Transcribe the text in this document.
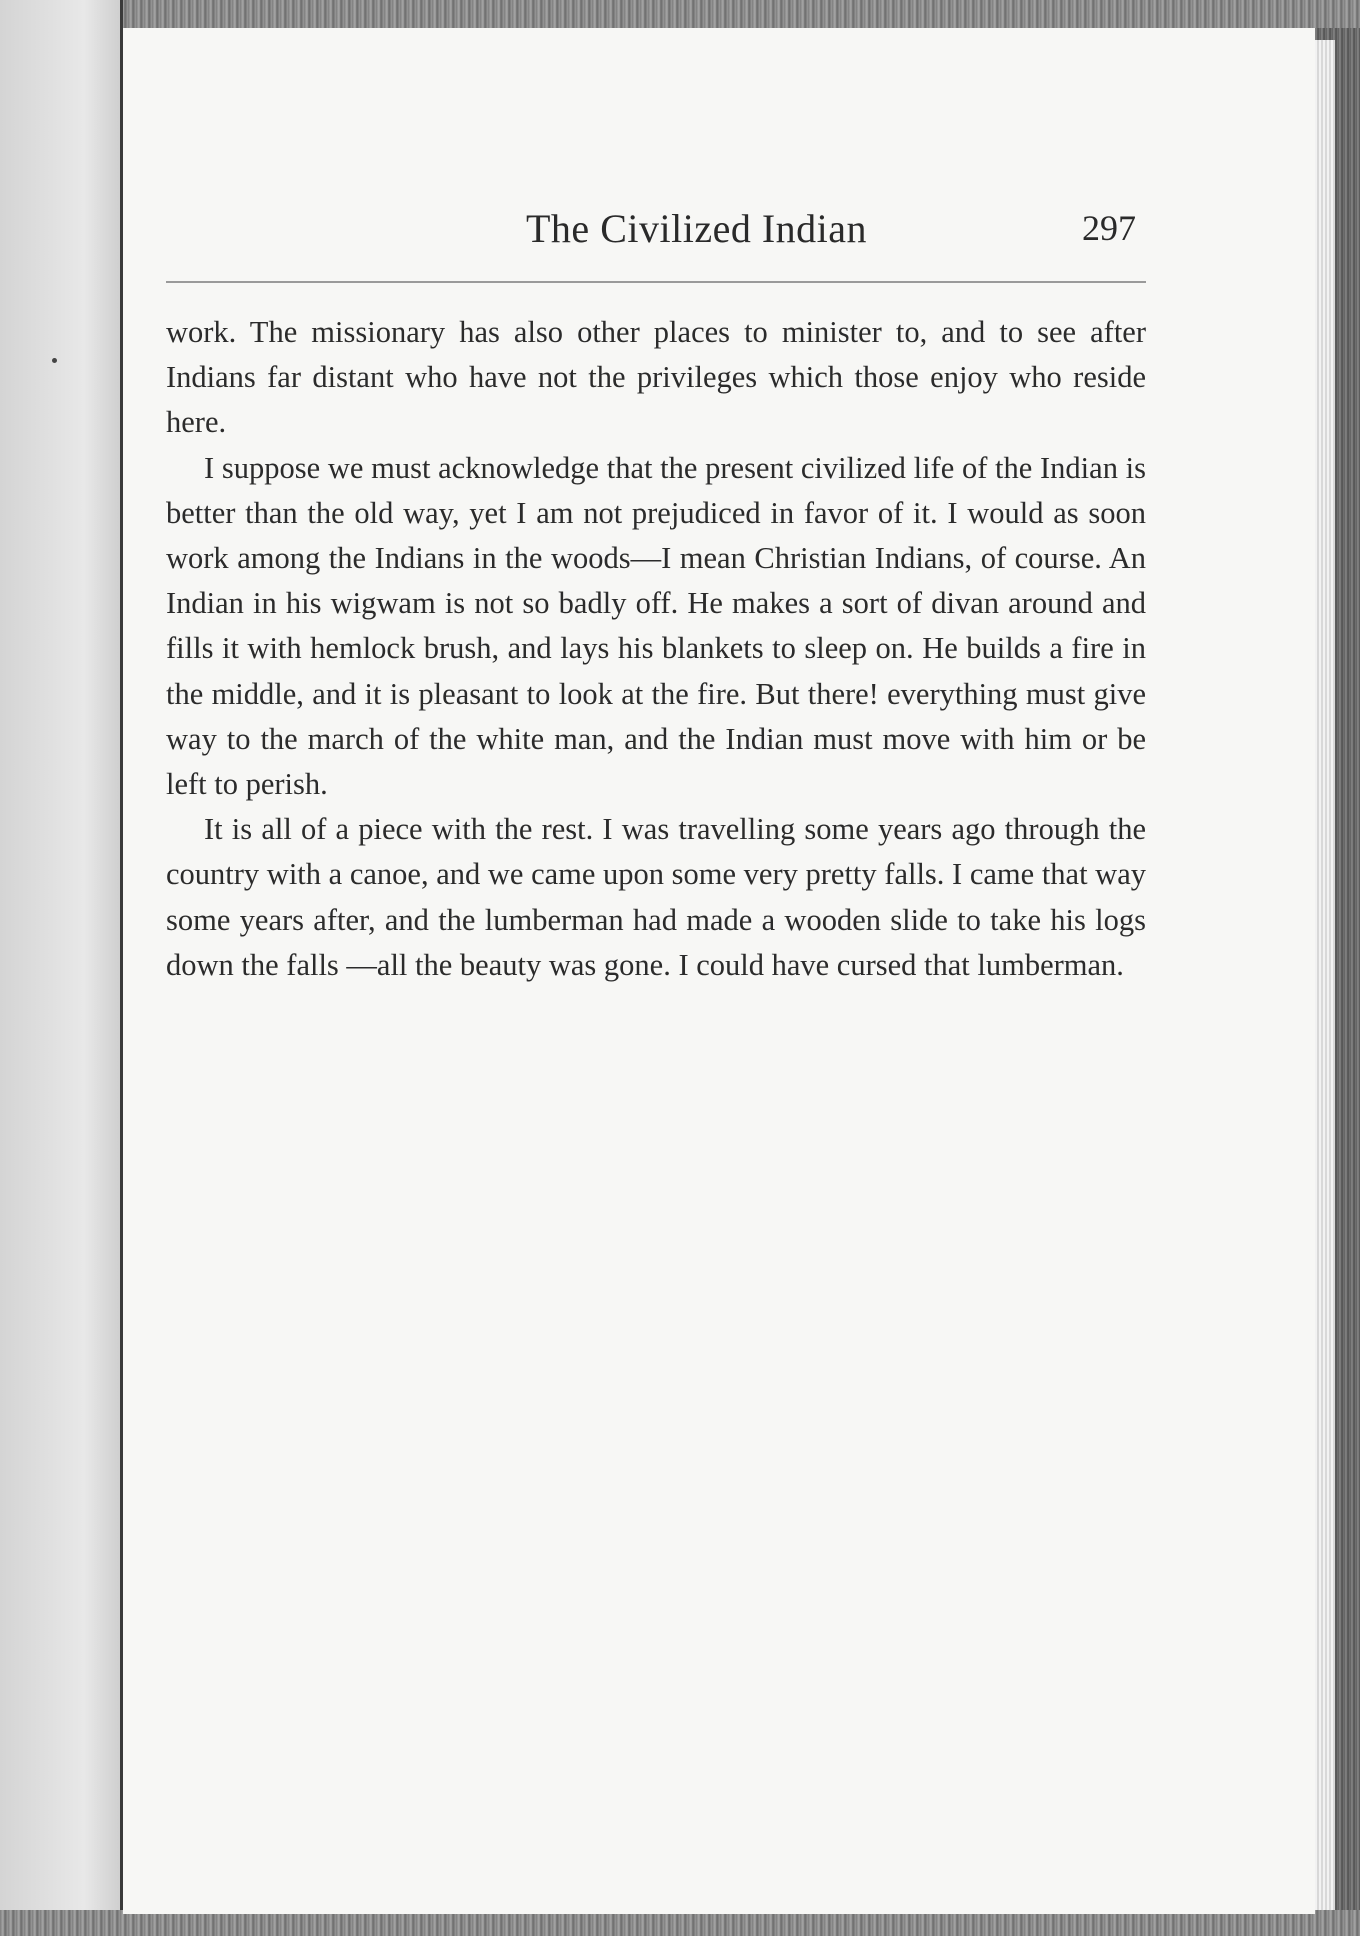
The Civilized Indian	297

work. The missionary has also other places to minister to, and to see after Indians far distant who have not the privileges which those enjoy who reside here.

I suppose we must acknowledge that the present civilized life of the Indian is better than the old way, yet I am not prejudiced in favor of it. I would as soon work among the Indians in the woods—I mean Christian Indians, of course. An Indian in his wigwam is not so badly off. He makes a sort of divan around and fills it with hemlock brush, and lays his blankets to sleep on. He builds a fire in the middle, and it is pleasant to look at the fire. But there! everything must give way to the march of the white man, and the Indian must move with him or be left to perish.

It is all of a piece with the rest. I was travelling some years ago through the country with a canoe, and we came upon some very pretty falls. I came that way some years after, and the lumberman had made a wooden slide to take his logs down the falls —all the beauty was gone. I could have cursed that lumberman.
